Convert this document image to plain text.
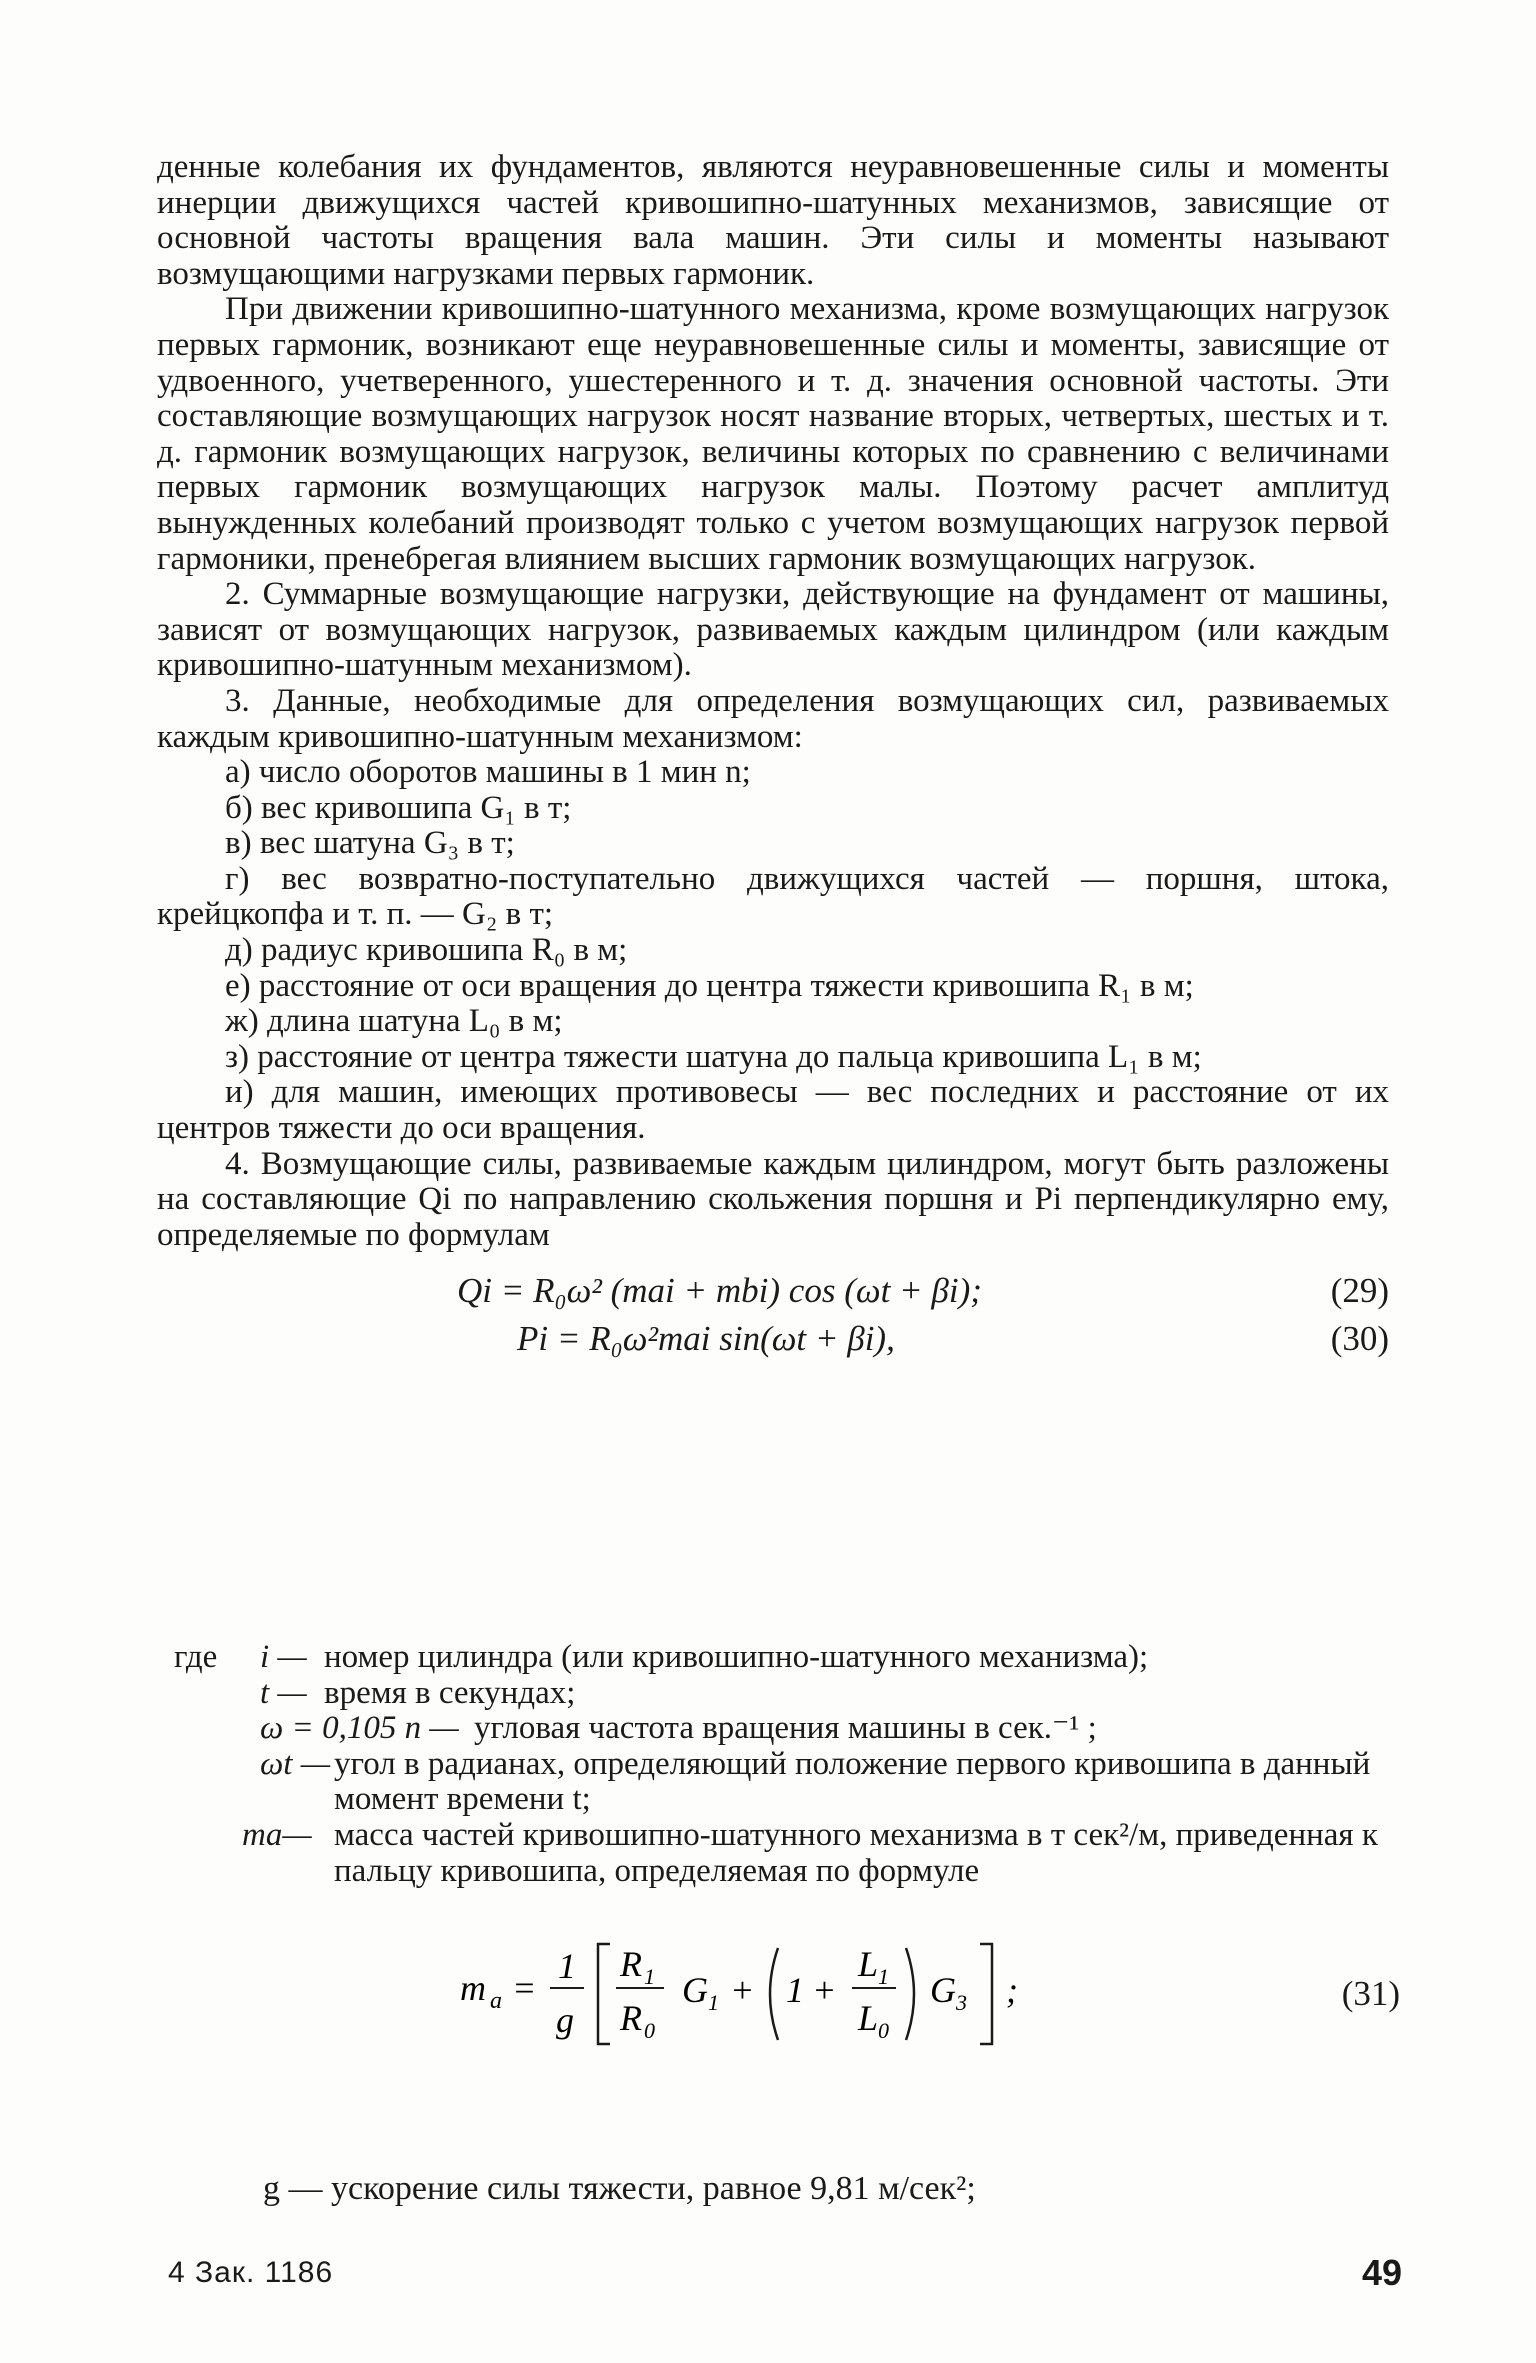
денные колебания их фундаментов, являются неуравновешенные силы и моменты инерции движущихся частей кривошипно-шатунных механизмов, зависящие от основной частоты вращения вала машин. Эти силы и моменты называют возмущающими нагрузками первых гармоник.

При движении кривошипно-шатунного механизма, кроме возмущающих нагрузок первых гармоник, возникают еще неуравновешенные силы и моменты, зависящие от удвоенного, учетверенного, ушестеренного и т. д. значения основной частоты. Эти составляющие возмущающих нагрузок носят название вторых, четвертых, шестых и т. д. гармоник возмущающих нагрузок, величины которых по сравнению с величинами первых гармоник возмущающих нагрузок малы. Поэтому расчет амплитуд вынужденных колебаний производят только с учетом возмущающих нагрузок первой гармоники, пренебрегая влиянием высших гармоник возмущающих нагрузок.

2. Суммарные возмущающие нагрузки, действующие на фундамент от машины, зависят от возмущающих нагрузок, развиваемых каждым цилиндром (или каждым кривошипно-шатунным механизмом).

3. Данные, необходимые для определения возмущающих сил, развиваемых каждым кривошипно-шатунным механизмом:

а) число оборотов машины в 1 мин n;

б) вес кривошипа G₁ в т;

в) вес шатуна G₃ в т;

г) вес возвратно-поступательно движущихся частей — поршня, штока, крейцкопфа и т. п. — G₂ в т;

д) радиус кривошипа R₀ в м;

е) расстояние от оси вращения до центра тяжести кривошипа R₁ в м;

ж) длина шатуна L₀ в м;

з) расстояние от центра тяжести шатуна до пальца кривошипа L₁ в м;

и) для машин, имеющих противовесы — вес последних и расстояние от их центров тяжести до оси вращения.

4. Возмущающие силы, развиваемые каждым цилиндром, могут быть разложены на составляющие Qi по направлению скольжения поршня и Pi перпендикулярно ему, определяемые по формулам

Qi = R₀ω² (mai + mbi) cos (ωt + βi);	(29)
Pi = R₀ω²mai sin(ωt + βi),	(30)
где i — номер цилиндра (или кривошипно-шатунного механизма);
t — время в секундах;
ω = 0,105 n — угловая частота вращения машины в сек.⁻¹ ;
ωt — угол в радианах, определяющий положение первого кривошипа в данный момент времени t;
ma— масса частей кривошипно-шатунного механизма в т сек²/м, приведенная к пальцу кривошипа, определяемая по формуле
m a =
1
g
R 1
R 0
G 1 + 1 +
L 1
L 0
G 3 ;	(31)
g — ускорение силы тяжести, равное 9,81 м/сек²;
4 Зак. 1186	49
